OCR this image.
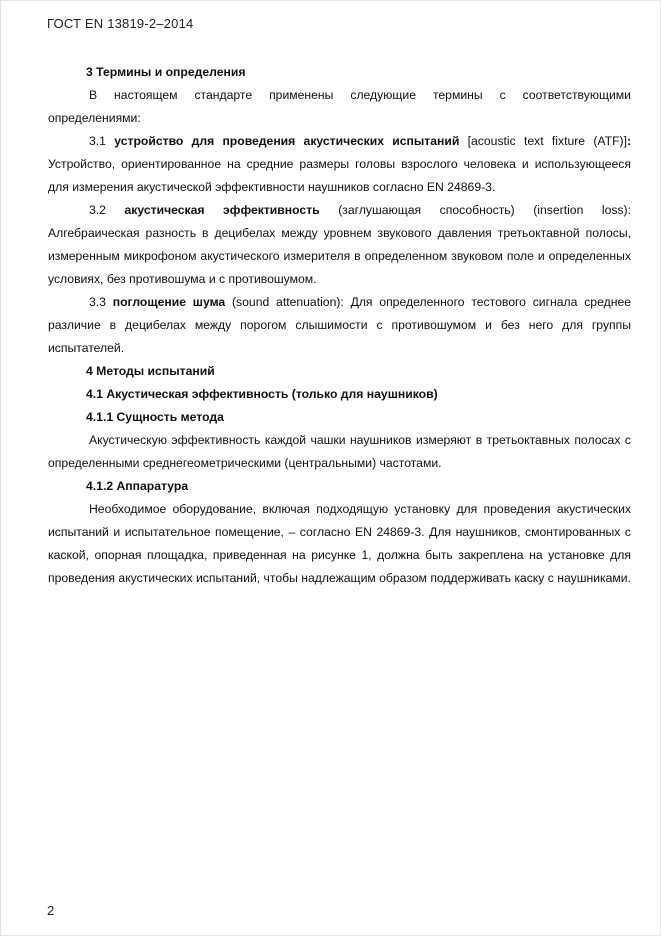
ГОСТ EN 13819-2–2014

3 Термины и определения

В настоящем стандарте применены следующие термины с соответствующими определениями:

3.1 устройство для проведения акустических испытаний [acoustic text fixture (ATF)]: Устройство, ориентированное на средние размеры головы взрослого человека и использующееся для измерения акустической эффективности наушников согласно EN 24869-3.

3.2 акустическая эффективность (заглушающая способность) (insertion loss): Алгебраическая разность в децибелах между уровнем звукового давления третьоктавной полосы, измеренным микрофоном акустического измерителя в определенном звуковом поле и определенных условиях, без противошума и с противошумом.

3.3 поглощение шума (sound attenuation): Для определенного тестового сигнала среднее различие в децибелах между порогом слышимости с противошумом и без него для группы испытателей.

4 Методы испытаний

4.1 Акустическая эффективность (только для наушников)

4.1.1 Сущность метода

Акустическую эффективность каждой чашки наушников измеряют в третьоктавных полосах с определенными среднегеометрическими (центральными) частотами.

4.1.2 Аппаратура

Необходимое оборудование, включая подходящую установку для проведения акустических испытаний и испытательное помещение, – согласно EN 24869-3. Для наушников, смонтированных с каской, опорная площадка, приведенная на рисунке 1, должна быть закреплена на установке для проведения акустических испытаний, чтобы надлежащим образом поддерживать каску с наушниками.

2
